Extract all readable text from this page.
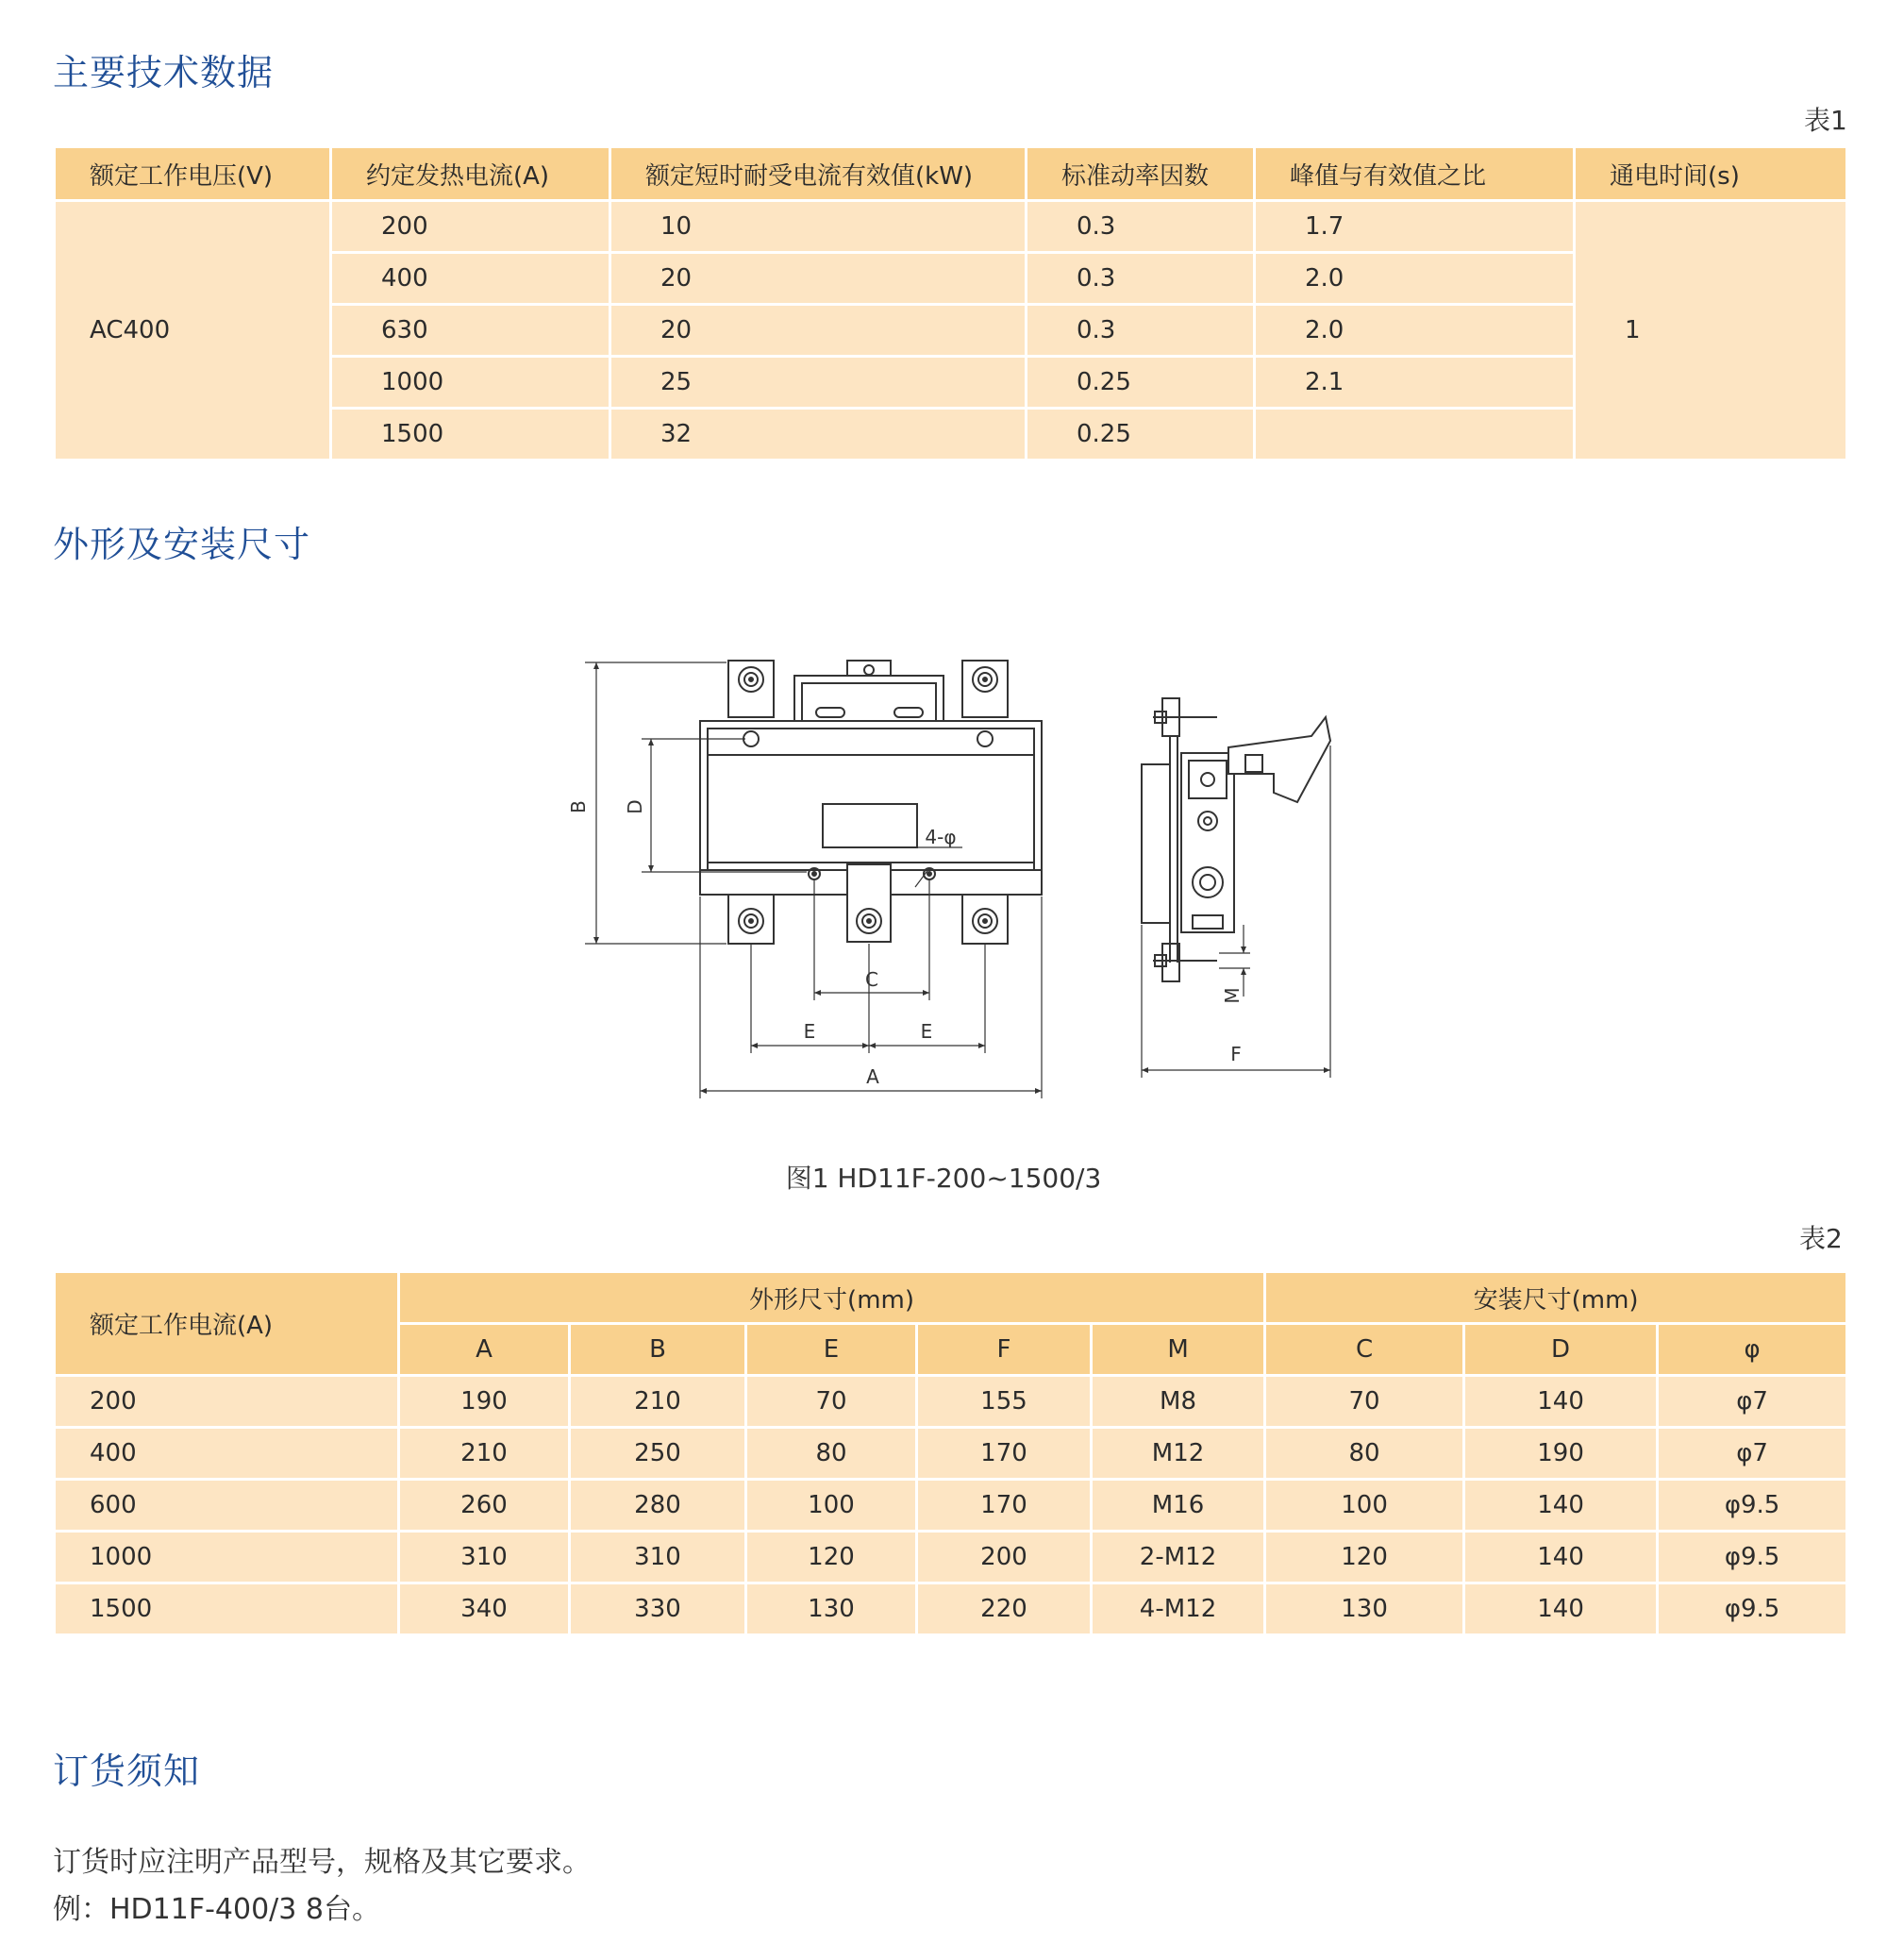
主要技术数据
表1
额定工作电压(V)	约定发热电流(A)	额定短时耐受电流有效值(kW)	标准动率因数	峰值与有效值之比	通电时间(s)
AC400	200	10	0.3	1.7	1
	400	20	0.3	2.0	
	630	20	0.3	2.0	
	1000	25	0.25	2.1	
	1500	32	0.25		
外形及安装尺寸
B D
C
E	E
A
4-φ
M
F
图1 HD11F-200~1500/3
表2
额定工作电流(A)	外形尺寸(mm)					安装尺寸(mm)		
	A	B	E	F	M	C	D	φ
200	190	210	70	155	M8	70	140	φ7
400	210	250	80	170	M12	80	190	φ7
600	260	280	100	170	M16	100	140	φ9.5
1000	310	310	120	200	2-M12	120	140	φ9.5
1500	340	330	130	220	4-M12	130	140	φ9.5
订货须知
订货时应注明产品型号，规格及其它要求。
例：HD11F-400/3 8台。
